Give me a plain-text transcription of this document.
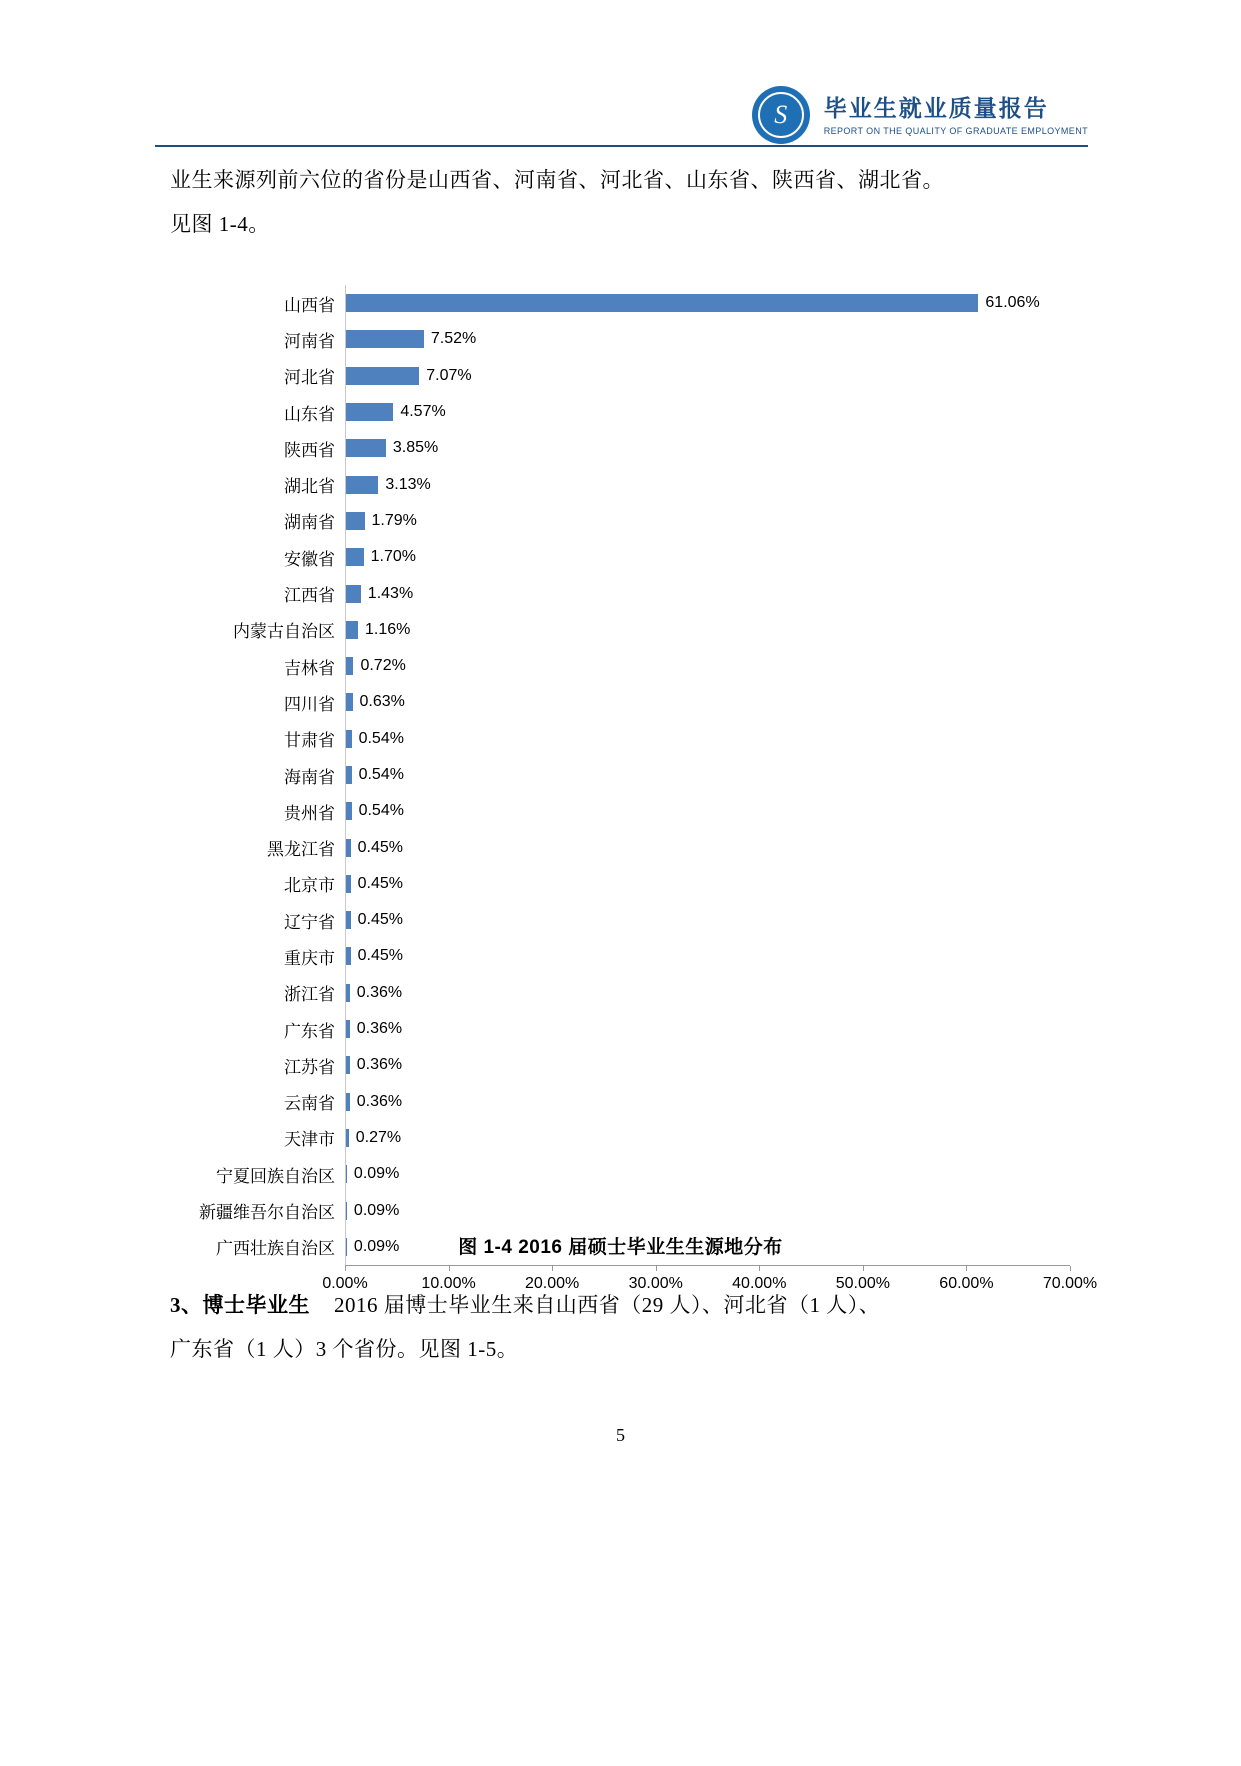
S
毕业生就业质量报告
REPORT ON THE QUALITY OF GRADUATE EMPLOYMENT
业生来源列前六位的省份是山西省、河南省、河北省、山东省、陕西省、湖北省。
见图 1-4。
山西省	61.06%
河南省	7.52%
河北省	7.07%
山东省	4.57%
陕西省	3.85%
湖北省	3.13%
湖南省	1.79%
安徽省	1.70%
江西省	1.43%
内蒙古自治区	1.16%
吉林省	0.72%
四川省	0.63%
甘肃省	0.54%
海南省	0.54%
贵州省	0.54%
黑龙江省	0.45%
北京市	0.45%
辽宁省	0.45%
重庆市	0.45%
浙江省	0.36%
广东省	0.36%
江苏省	0.36%
云南省	0.36%
天津市	0.27%
宁夏回族自治区	0.09%
新疆维吾尔自治区	0.09%
广西壮族自治区	0.09%
0.00%	10.00%	20.00%	30.00%	40.00%	50.00%	60.00%	70.00%
图 1-4 2016 届硕士毕业生生源地分布
3、博士毕业生 2016 届博士毕业生来自山西省（29 人）、河北省（1 人）、
广东省（1 人）3 个省份。见图 1-5。
5
